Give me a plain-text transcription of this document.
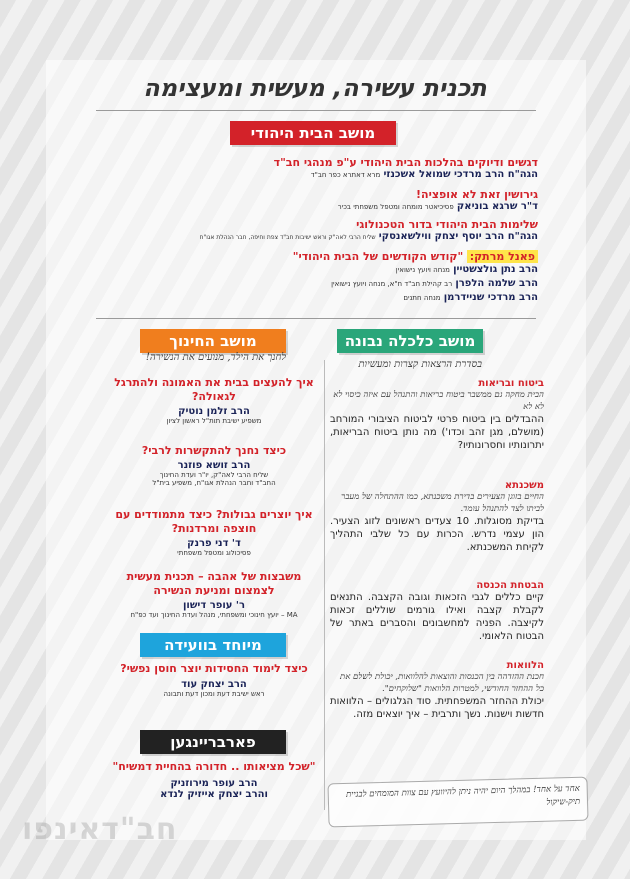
תכנית עשירה, מעשית ומעצימה
מושב הבית היהודי
דגשים ודיוקים בהלכות הבית היהודי ע"פ מנהגי חב"ד
הגה"ח הרב מרדכי שמואל אשכנזי מרא דאתרא כפר חב"ד
גירושין זאת לא אופציה!
ד"ר שרגא בוניאק פסיכיאטר מומחה ומטפל משפחתי בכיר
שלימות הבית היהודי בדור הטכנולוגי
הגה"ח הרב יוסף יצחק ווילשאנסקי שליח הרבי לאה"ק וראש ישיבות חב"ד צפת וחיפה, חבר הנהלת אגו"ח
פאנל מרתק: "קודש הקודשים של הבית היהודי"
הרב נתן גולצשטיין מנחה ויועץ נישואין
הרב שלמה הלפרן רב קהילת חב"ד ח"א, מנחה ויועץ נישואין
הרב מרדכי שניידרמן מנחה חתנים
מושב כלכלה נבונה
בסדרת הרצאות קצרות ומעשיות
ביטוח ובריאות
הבית מחקה גם ממשבר ביטוח בריאות והתנהל עם איזה כיסוי לא לא לא
ההבדלים בין ביטוח פרטי לביטוח הציבורי המורחב (מושלם, מגן זהב וכדו') מה נותן ביטוח הבריאות, יתרונותיו וחסרונותיו?
משכנתא
החיים בזוגן הצעירים בדירת משכנתא, כמו ההתחלה של מעבר לביתו לצד להתנהל עומד.
בדיקת מסוגלות. 10 צעדים ראשונים לזוג הצעיר. הון עצמי נדרש. הכרות עם כל שלבי התהליך לקיחת המשכנתא.
הבטחת הכנסה
קיים כללים לגבי הזכאות וגובה הקצבה. התנאים לקבלת קצבה ואילו גורמים שוללים זכאות לקיצבה. הפניה למחשבונים והסברים באתר של הבטוח הלאומי.
הלוואות
חכנת ההזדהה בין הכנסות והוצאות להלוואות, יכולת לשלם את כל ההחזר החודשי, למטרות הלוואות "שלוקחים".
יכולת ההחזר המשפחתית. סוד הגלגולים – הלוואות חדשות וישנות. נשך ותרבית – איך יוצאים מזה.
אחד על אחד! במהלך היום יהיה ניתן להיוועץ עם צוות המומחים לבניית תיק-שיקול
מושב החינוך
לחנך את הילד, מנועים את הנשירה!
איך להעצים בבית את האמונה ולהתרגל לגאולה?
הרב זלמן נוטיק
משפיע ישיבת תות"ל ראשון לציון
כיצד נחנך להתקשרות לרבי?
הרב זושא פוזנר
שליח הרבי לאה"ק, יו"ר ועדת החינוך
החב"ד וחבר הנהלת אגו"ח, משפיע בית"ל
איך יוצרים גבולות? כיצד מתמודדים עם חוצפה ומרדנות?
ד' דני פרנק
פסיכולוג ומטפל משפחתי
משבצות של אהבה – תכנית מעשית לצמצום ומניעת הנשירה
ר' עופר דישון
MA – יועץ חינוכי ומשפחתי, מנהל ועדת החינוך ועד כפ"ח
מיוחד בוועידה
כיצד לימוד החסידות יוצר חוסן נפשי?
הרב יצחק עוד
ראש ישיבת דעת ומכון דעת ותבונה
פארבריינגען
"שכל מציאותו .. חדורה בהחיית דמשיח"
הרב עופר מירוזניק
והרב יצחק אייזיק לנדא
חב"דאינפו
